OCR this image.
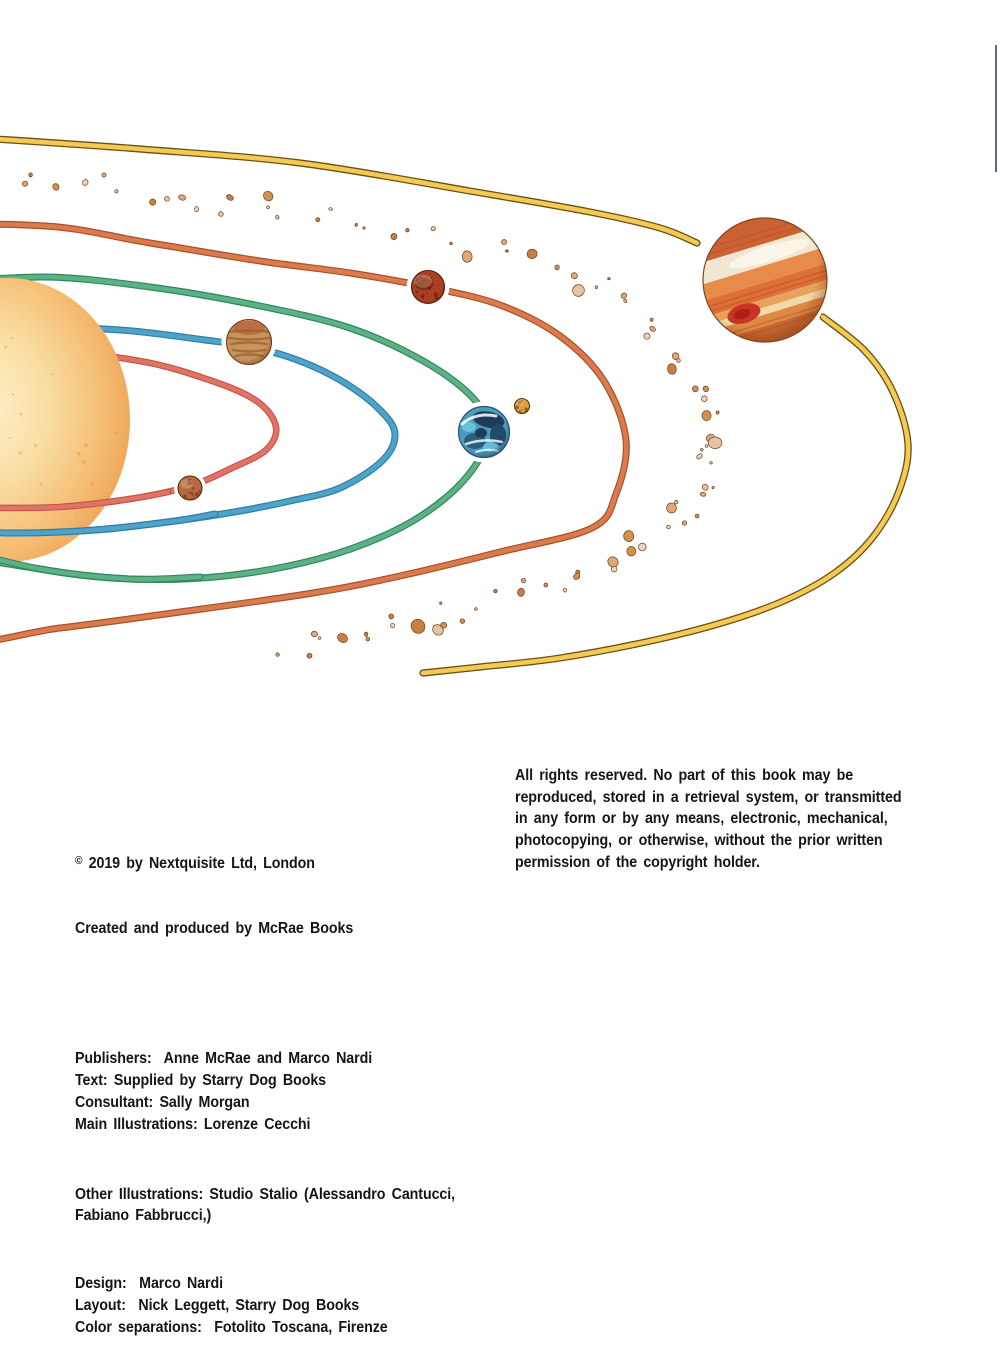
© 2019 by Nextquisite Ltd, London

Created and produced by McRae Books

Publishers:  Anne McRae and Marco Nardi
Text: Supplied by Starry Dog Books
Consultant: Sally Morgan
Main Illustrations: Lorenze Cecchi

Other Illustrations: Studio Stalio (Alessandro Cantucci,
Fabiano Fabbrucci,)

Design:  Marco Nardi
Layout:  Nick Leggett, Starry Dog Books
Color separations:  Fotolito Toscana, Firenze

All rights reserved. No part of this book may be
reproduced, stored in a retrieval system, or transmitted
in any form or by any means, electronic, mechanical,
photocopying, or otherwise, without the prior written
permission of the copyright holder.
